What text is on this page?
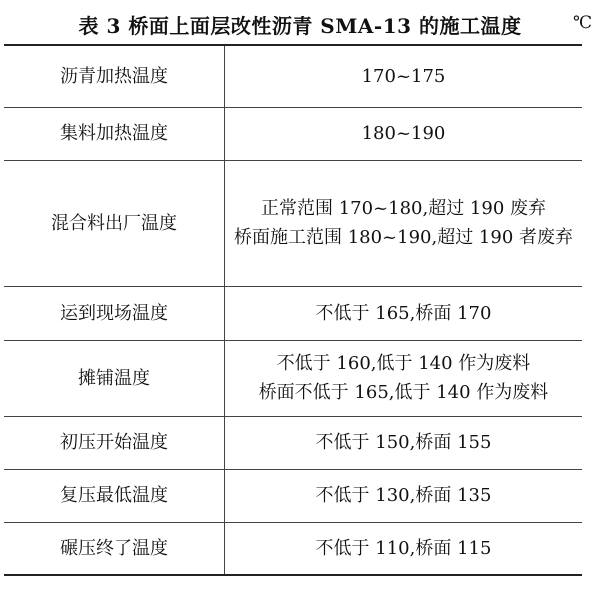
表 3 桥面上面层改性沥青 SMA-13 的施工温度	℃
沥青加热温度	170~175

集料加热温度	180~190

混合料出厂温度	正常范围 170~180,超过 190 废弃
桥面施工范围 180~190,超过 190 者废弃

运到现场温度	不低于 165,桥面 170

摊铺温度	不低于 160,低于 140 作为废料
桥面不低于 165,低于 140 作为废料

初压开始温度	不低于 150,桥面 155

复压最低温度	不低于 130,桥面 135

碾压终了温度	不低于 110,桥面 115
